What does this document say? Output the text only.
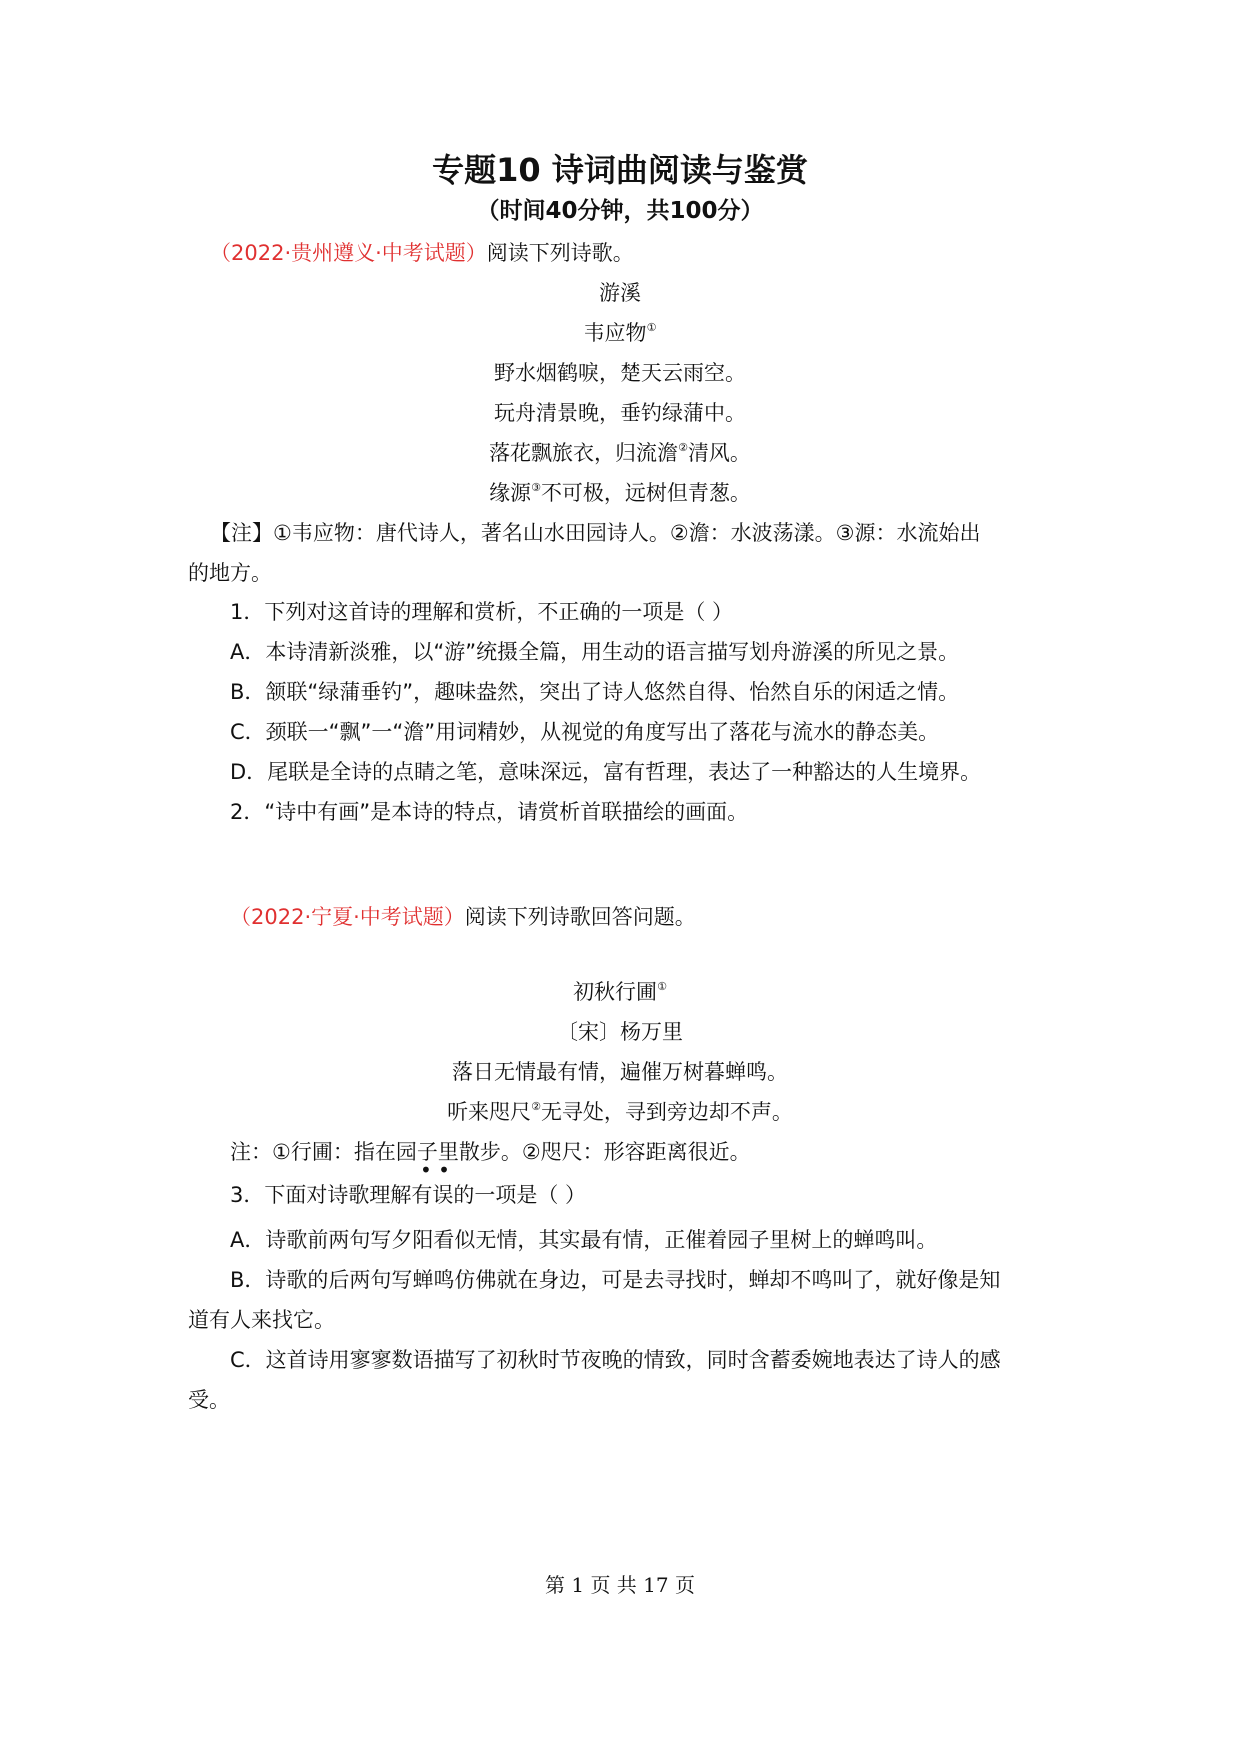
专题10 诗词曲阅读与鉴赏

（时间40分钟，共100分）

（2022·贵州遵义·中考试题）阅读下列诗歌。

游溪

韦应物①

野水烟鹤唳，楚天云雨空。

玩舟清景晚，垂钓绿蒲中。

落花飘旅衣，归流澹②清风。

缘源③不可极，远树但青葱。

【注】①韦应物：唐代诗人，著名山水田园诗人。②澹：水波荡漾。③源：水流始出

的地方。

1．下列对这首诗的理解和赏析，不正确的一项是（ ）

A．本诗清新淡雅，以“游”统摄全篇，用生动的语言描写划舟游溪的所见之景。

B．颔联“绿蒲垂钓”，趣味盎然，突出了诗人悠然自得、怡然自乐的闲适之情。

C．颈联一“飘”一“澹”用词精妙，从视觉的角度写出了落花与流水的静态美。

D．尾联是全诗的点睛之笔，意味深远，富有哲理，表达了一种豁达的人生境界。

2．“诗中有画”是本诗的特点，请赏析首联描绘的画面。

（2022·宁夏·中考试题）阅读下列诗歌回答问题。

初秋行圃①

〔宋〕杨万里

落日无情最有情，遍催万树暮蝉鸣。

听来咫尺②无寻处，寻到旁边却不声。

注：①行圃：指在园子里散步。②咫尺：形容距离很近。

• •

3．下面对诗歌理解有误的一项是（ ）

A．诗歌前两句写夕阳看似无情，其实最有情，正催着园子里树上的蝉鸣叫。

B．诗歌的后两句写蝉鸣仿佛就在身边，可是去寻找时，蝉却不鸣叫了，就好像是知

道有人来找它。

C．这首诗用寥寥数语描写了初秋时节夜晚的情致，同时含蓄委婉地表达了诗人的感

受。

第 1 页 共 17 页
